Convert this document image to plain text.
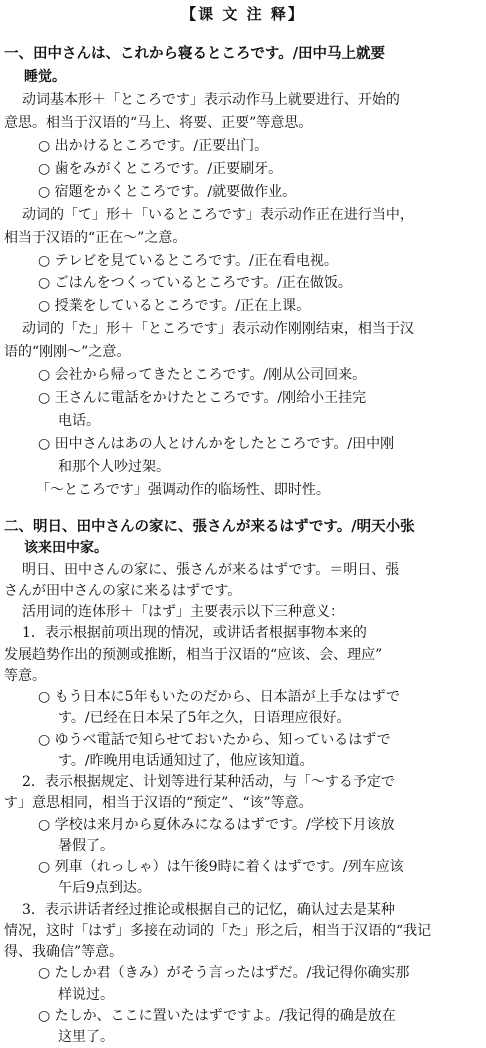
【课 文 注 释】

一、田中さんは、これから寝るところです。/田中马上就要

睡觉。

动词基本形＋「ところです」表示动作马上就要进行、开始的

意思。相当于汉语的“马上、将要、正要”等意思。

○ 出かけるところです。/正要出门。

○ 歯をみがくところです。/正要刷牙。

○ 宿題をかくところです。/就要做作业。

动词的「て」形＋「いるところです」表示动作正在进行当中，

相当于汉语的“正在～”之意。

○ テレビを見ているところです。/正在看电视。

○ ごはんをつくっているところです。/正在做饭。

○ 授業をしているところです。/正在上课。

动词的「た」形＋「ところです」表示动作刚刚结束，相当于汉

语的“刚刚～”之意。

○ 会社から帰ってきたところです。/刚从公司回来。

○ 王さんに電話をかけたところです。/刚给小王挂完

电话。

○ 田中さんはあの人とけんかをしたところです。/田中刚

和那个人吵过架。

「～ところです」强调动作的临场性、即时性。

二、明日、田中さんの家に、張さんが来るはずです。/明天小张

该来田中家。

明日、田中さんの家に、張さんが来るはずです。＝明日、張

さんが田中さんの家に来るはずです。

活用词的连体形＋「はず」主要表示以下三种意义：

1．表示根据前项出现的情况，或讲话者根据事物本来的

发展趋势作出的预测或推断，相当于汉语的“应该、会、理应”

等意。

○ もう日本に5年もいたのだから、日本語が上手なはずで

す。/已经在日本呆了5年之久，日语理应很好。

○ ゆうべ電話で知らせておいたから、知っているはずで

す。/昨晚用电话通知过了，他应该知道。

2．表示根据规定、计划等进行某种活动，与「～する予定で

す」意思相同，相当于汉语的“预定”、“该”等意。

○ 学校は来月から夏休みになるはずです。/学校下月该放

暑假了。

○ 列車（れっしゃ）は午後9時に着くはずです。/列车应该

午后9点到达。

3．表示讲话者经过推论或根据自己的记忆，确认过去是某种

情况，这时「はず」多接在动词的「た」形之后，相当于汉语的“我记

得、我确信”等意。

○ たしか君（きみ）がそう言ったはずだ。/我记得你确实那

样说过。

○ たしか、ここに置いたはずですよ。/我记得的确是放在

这里了。
